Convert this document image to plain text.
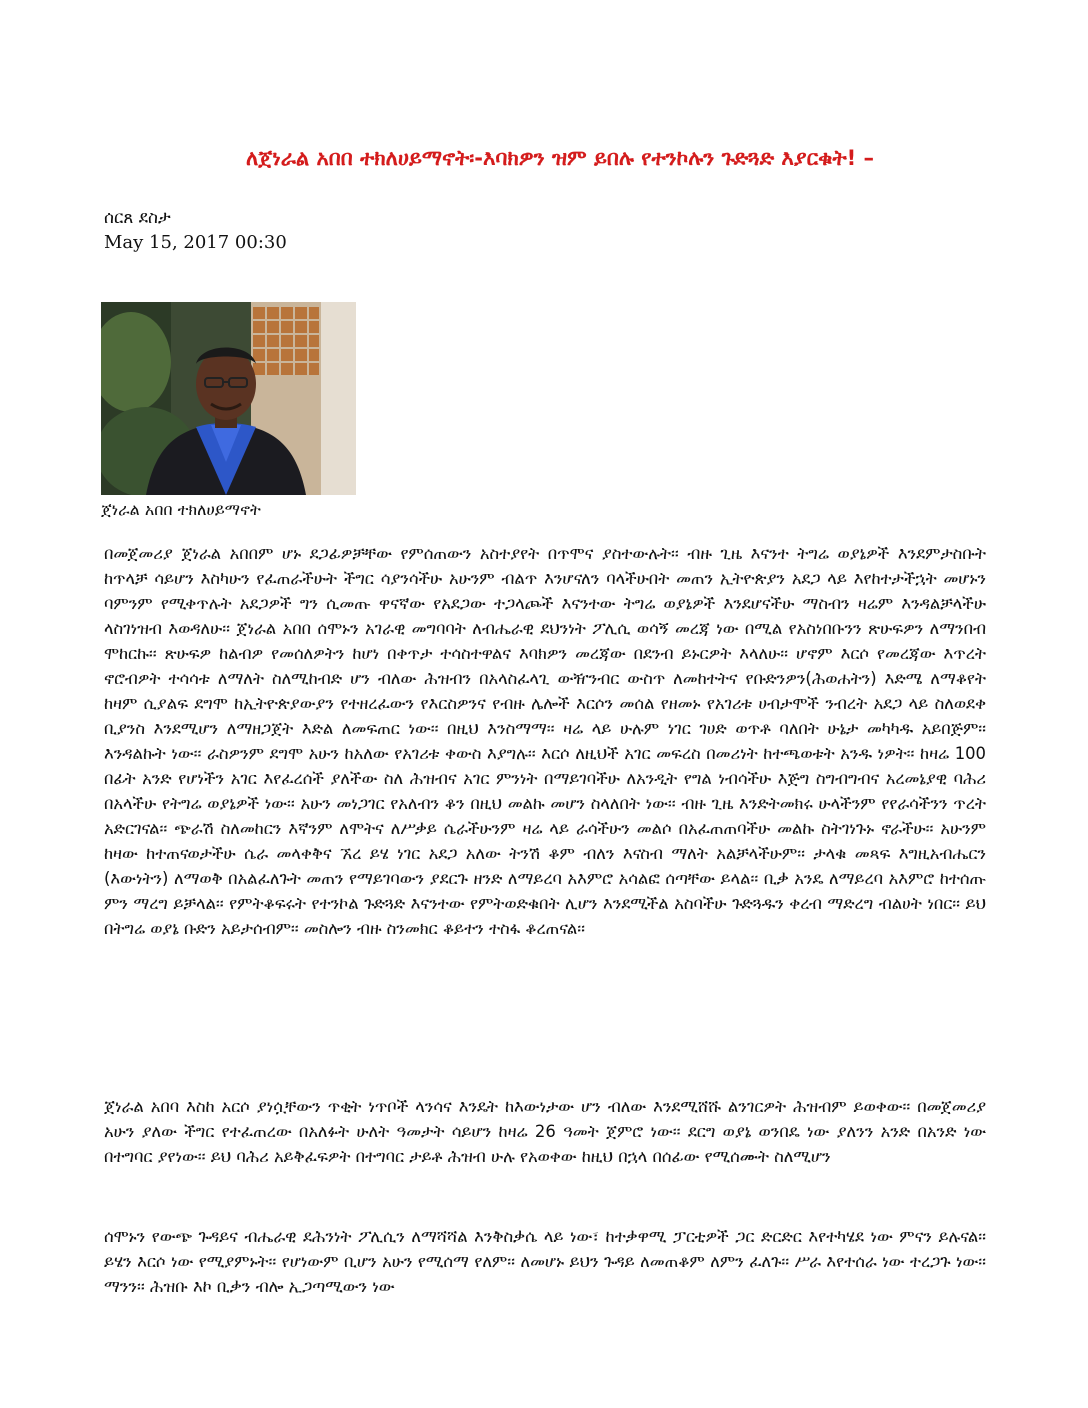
ለጀነራል አበበ ተክለሀይማኖት፡-እባክዎን ዝም ይበሉ የተንኮሉን ጉድጓድ እያርቁት! –
ሰርጸ ደስታ
May 15, 2017 00:30
ጀነራል አበበ ተክለሀይማኖት

በመጀመሪያ ጀነራል አበበም ሆኑ ደጋፊዎቻቸው የምሰጠውን አስተያየት በጥሞና ያስተውሉት፡፡ ብዙ ጊዜ እናንተ ትግሬ ወያኔዎች እንደምታስቡት ከጥላቻ ሳይሆን እስካሁን የፈጠራችሁት ችግር ሳያንሳችሁ አሁንም ብልጥ እንሆናለን ባላችሁበት መጠን ኢትዮጵያን አደጋ ላይ እየከተታችኋት መሆኑን ባምንም የሚቀጥሉት አደጋዎች ግን ሲመጡ ዋናኛው የአደጋው ተጋላጮች እናንተው ትግሬ ወያኔዎች እንደሆናችሁ ማስብን ዛሬም እንዳልቻላችሁ ላስገነዝብ እወዳለሁ፡፡ ጀነራል አበበ ሰሞኑን አገራዊ መግባባት ለብሔራዊ ደህንነት ፖሊሲ ወሳኝ መረጃ ነው በሚል የአስነበቡንን ጽሁፍዎን ለማንበብ ሞከርኩ፡፡ ጽሁፍዎ ከልብዎ የመሰለዎትን ከሆነ በቀጥታ ተሳስተዋልና እባክዎን መረጃው በደንብ ይኑርዎት እላለሁ፡፡ ሆኖም እርሶ የመረጃው እጥረት ኖሮብዎት ተሳሳቱ ለማለት ስለሚከብድ ሆን ብለው ሕዝብን በአላስፈላጊ ውዥንብር ውስጥ ለመከተትና የቡድንዎን(ሕወሐትን) እድሜ ለማቆየት ከዛም ሲያልፍ ደግሞ ከኢትዮጵያውያን የተዘረፈውን የእርስዎንና የብዙ ሌሎች እርሶን መሰል የዘመኑ የአገሪቱ ሀብታሞች ንብረት አደጋ ላይ ስለወደቀ ቢያንስ እንደሚሆን ለማዘጋጀት እድል ለመፍጠር ነው፡፡ በዚህ እንስማማ፡፡ ዛሬ ላይ ሁሉም ነገር ገሀድ ወጥቶ ባለበት ሁኔታ መካካዱ አይበጅም፡፡ እንዳልኩት ነው፡፡ ራስዎንም ደግሞ አሁን ከአለው የአገሪቱ ቀውስ እያግሉ፡፡ እርሶ ለዚህች አገር መፍረስ በመሪነት ከተጫወቱት አንዱ ነዎት፡፡ ከዛሬ 100 በፊት አንድ የሆነችን አገር እየፈረሰች ያለችው ስለ ሕዝብና አገር ምንነት በማይገባችሁ ለአንዲት የግል ነብሳችሁ እጅግ ስግብግብና አረመኔያዊ ባሕሪ በአላችሁ የትግሬ ወያኔዎች ነው፡፡ አሁን መነጋገር የአለብን ቆን በዚህ መልኩ መሆን ስላለበት ነው፡፡ ብዙ ጊዜ እንድትመክሩ ሁላችንም የየራሳችንን ጥረት አድርገናል፡፡ ጭራሽ ስለመከርን እኛንም ለሞትና ለሥቃይ ሴራችሁንም ዛሬ ላይ ራሳችሁን መልሶ በአፈጠጠባችሁ መልኩ ስትገነጉኑ ኖራችሁ፡፡ አሁንም ከዛው ከተጠናወታችሁ ሴራ መላቀቅና ኧረ ይሄ ነገር አደጋ አለው ትንሽ ቆም ብለን እናስብ ማለት አልቻላችሁም፡፡ ታላቁ መጻፍ እግዚአብሔርን (እውነትን) ለማወቅ በአልፈለጉት መጠን የማይገባውን ያደርጉ ዘንድ ለማይረባ አእምሮ አሳልፎ ሰጣቸው ይላል፡፡ ቢቃ አንዴ ለማይረባ አእምሮ ከተሰጡ ምን ማረግ ይቻላል፡፡ የምትቆፍሩት የተንኮል ጉድጓድ እናንተው የምትወድቁበት ሊሆን እንደሚችል አስባችሁ ጉድጓዱን ቀረብ ማድረግ ብልሀት ነበር፡፡ ይህ በትግሬ ወያኔ ቡድን አይታሰብም፡፡ መስሎን ብዙ ስንመክር ቆይተን ተስፋ ቆረጠናል፡፡

ጀነራል አበባ እስከ አርሶ ያነሷቸውን ጥቂት ነጥቦች ላንሳና እንዴት ከእውነታው ሆን ብለው እንደሚሸሹ ልንገርዎት ሕዝብም ይወቀው፡፡ በመጀመሪያ አሁን ያለው ችግር የተፈጠረው በአለፉት ሁለት ዓመታት ሳይሆን ከዛሬ 26 ዓመት ጀምሮ ነው፡፡ ደርግ ወያኔ ወንበዴ ነው ያለንን አንድ በአንድ ነው በተግባር ያየነው፡፡ ይህ ባሕሪ አይቅፈፍዎት በተግባር ታይቶ ሕዝብ ሁሉ የአወቀው ከዚህ በኋላ በሰፊው የሚሰሙት ስለሚሆን

ሰሞኑን የውጭ ጉዳይና ብሔራዊ ደሕንነት ፖሊሲን ለማሻሻል እንቅስቃሴ ላይ ነው፣ ከተቃዋሚ ፓርቲዎች ጋር ድርድር እየተካሄደ ነው ምናን ይሉናል፡፡ ይሄን እርሶ ነው የሚያምኑት፡፡ የሆነውም ቢሆን አሁን የሚሰማ የለም፡፡ ለመሆኑ ይህን ጉዳይ ለመጠቆም ለምን ፈለጉ፡፡ ሥራ እየተሰራ ነው ተረጋጉ ነው፡፡ ማንን፡፡ ሕዝቡ እኮ ቢቃን ብሎ ኢጋጣሚውን ነው
